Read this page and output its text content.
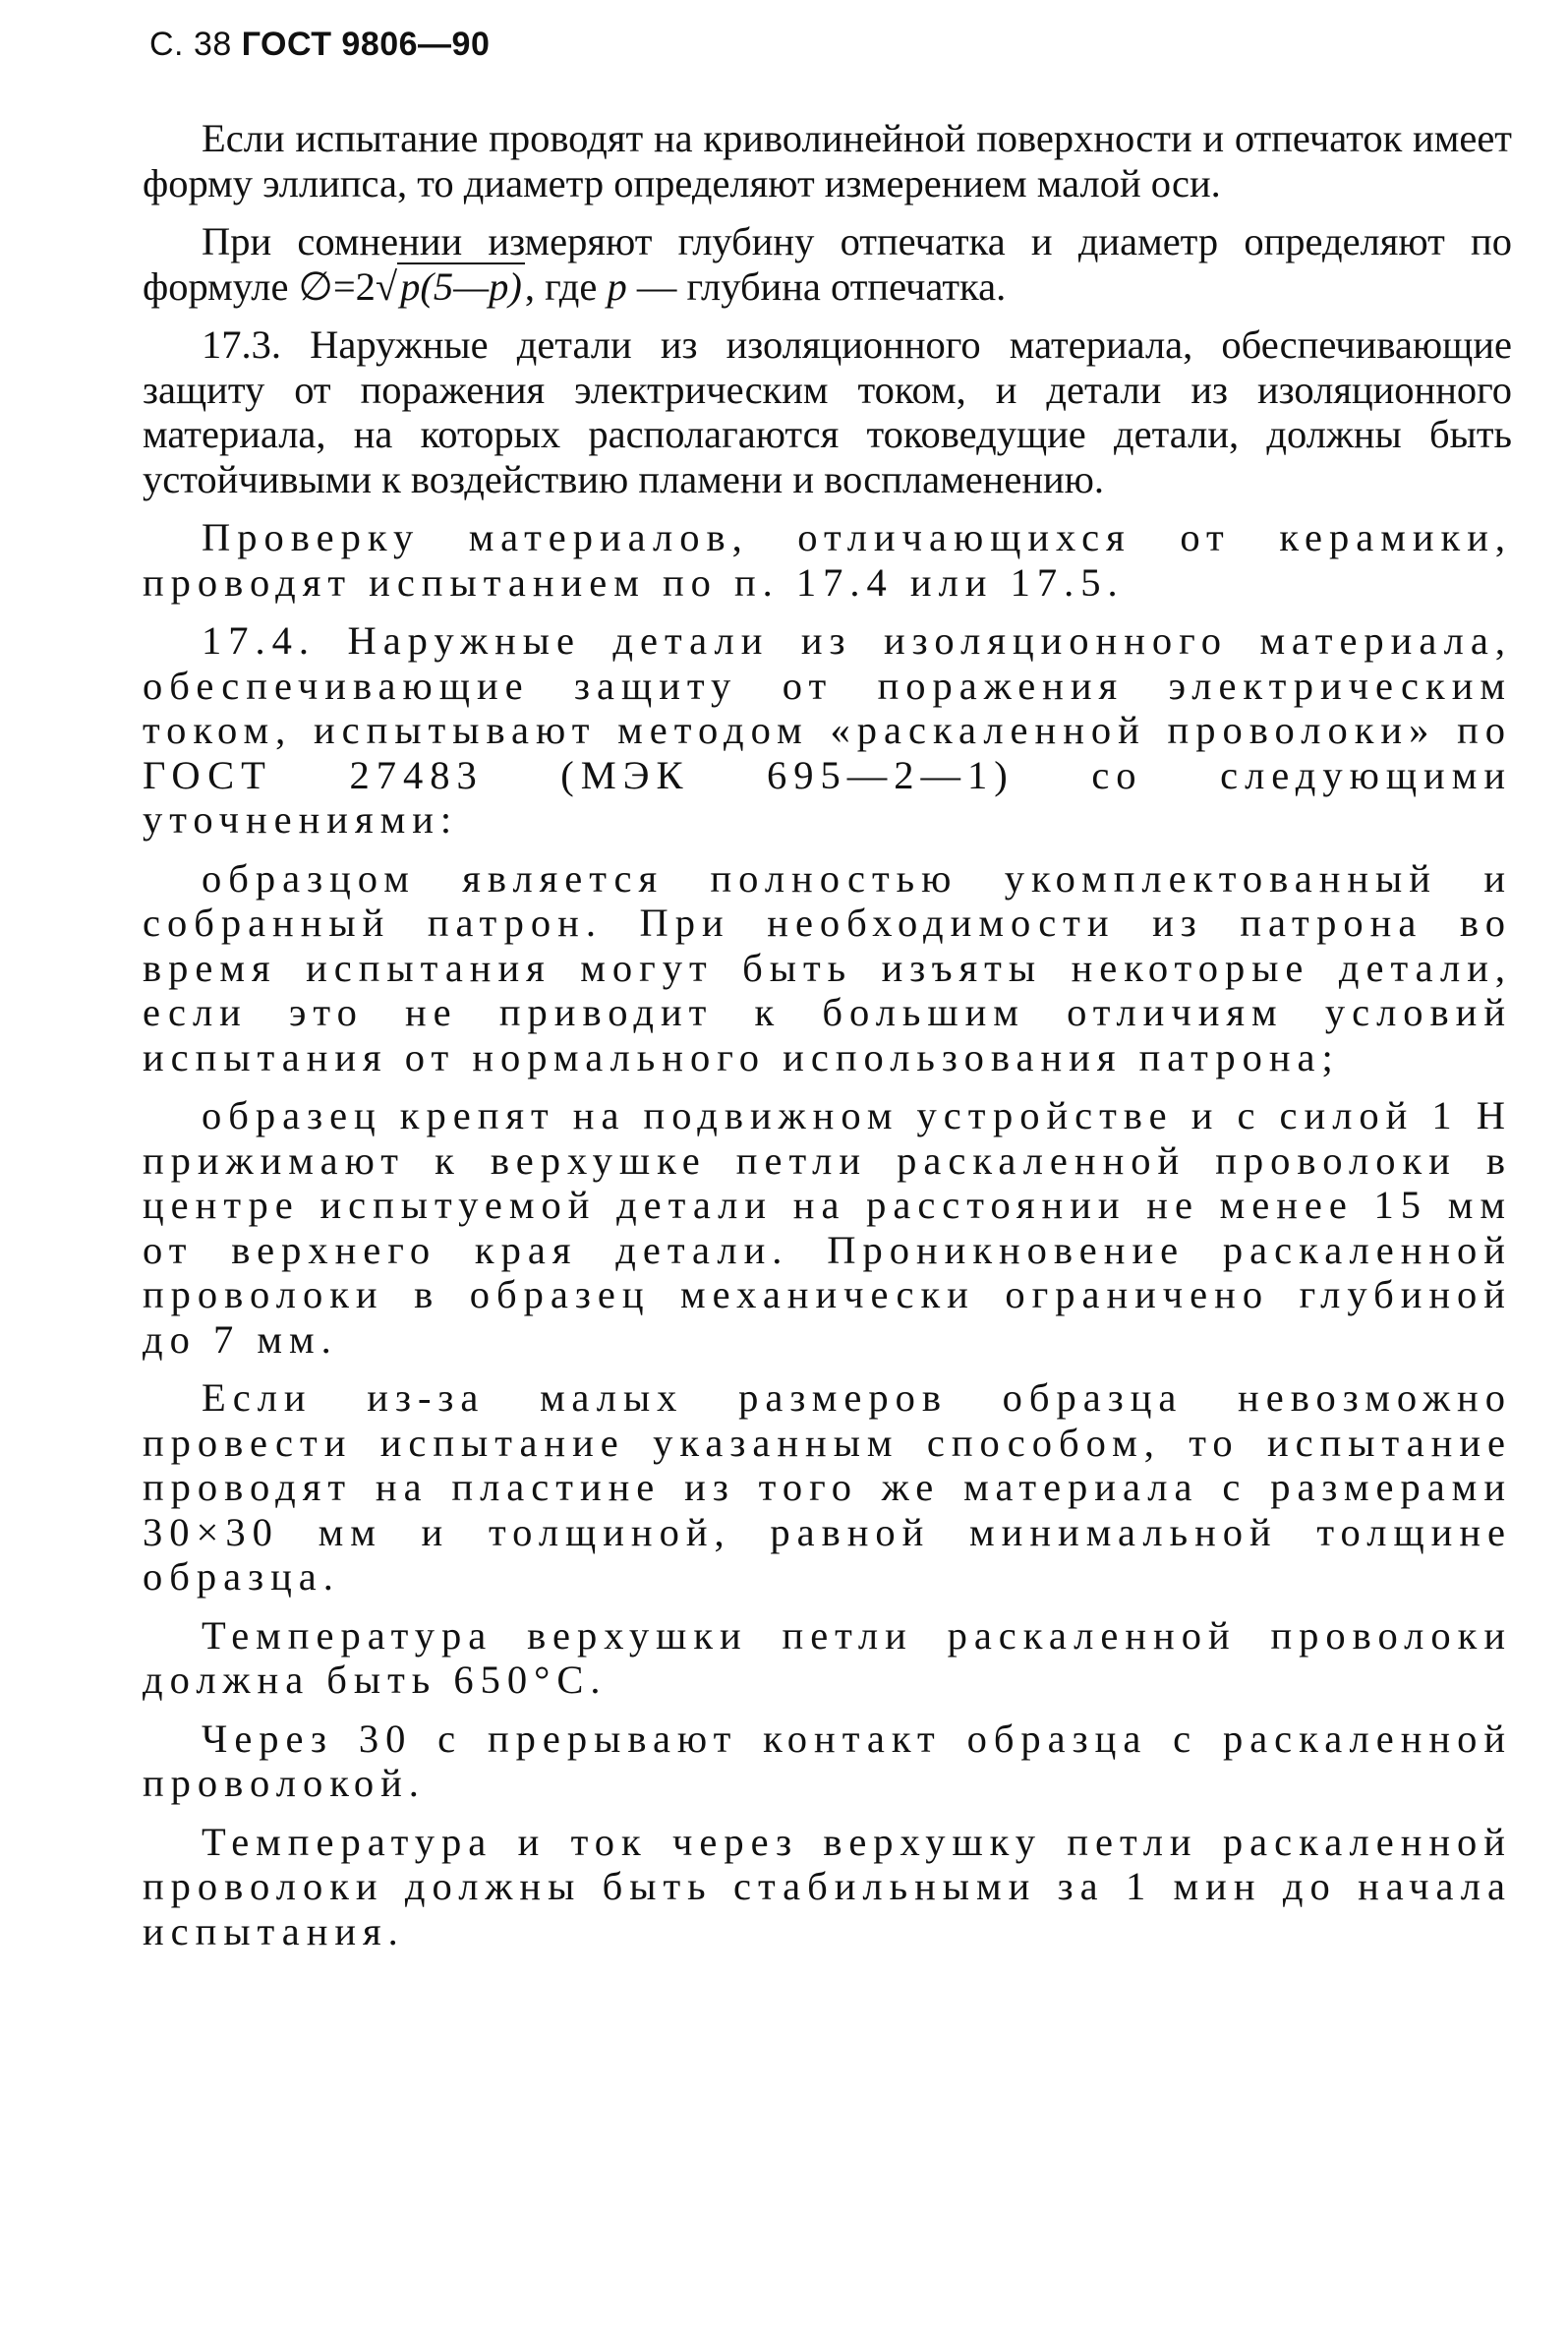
С. 38 ГОСТ 9806—90

Если испытание проводят на криволинейной поверхности и отпечаток имеет форму эллипса, то диаметр определяют измерением малой оси.

При сомнении измеряют глубину отпечатка и диаметр определяют по формуле ∅=2√p(5—p), где p — глубина отпечатка.

17.3. Наружные детали из изоляционного материала, обеспечивающие защиту от поражения электрическим током, и детали из изоляционного материала, на которых располагаются токоведущие детали, должны быть устойчивыми к воздействию пламени и воспламенению.

Проверку материалов, отличающихся от керамики, проводят испытанием по п. 17.4 или 17.5.

17.4. Наружные детали из изоляционного материала, обеспечивающие защиту от поражения электрическим током, испытывают методом «раскаленной проволоки» по ГОСТ 27483 (МЭК 695—2—1) со следующими уточнениями:

образцом является полностью укомплектованный и собранный патрон. При необходимости из патрона во время испытания могут быть изъяты некоторые детали, если это не приводит к большим отличиям условий испытания от нормального использования патрона;

образец крепят на подвижном устройстве и с силой 1 Н прижимают к верхушке петли раскаленной проволоки в центре испытуемой детали на расстоянии не менее 15 мм от верхнего края детали. Проникновение раскаленной проволоки в образец механически ограничено глубиной до 7 мм.

Если из-за малых размеров образца невозможно провести испытание указанным способом, то испытание проводят на пластине из того же материала с размерами 30×30 мм и толщиной, равной минимальной толщине образца.

Температура верхушки петли раскаленной проволоки должна быть 650°С.

Через 30 с прерывают контакт образца с раскаленной проволокой.

Температура и ток через верхушку петли раскаленной проволоки должны быть стабильными за 1 мин до начала испытания.
